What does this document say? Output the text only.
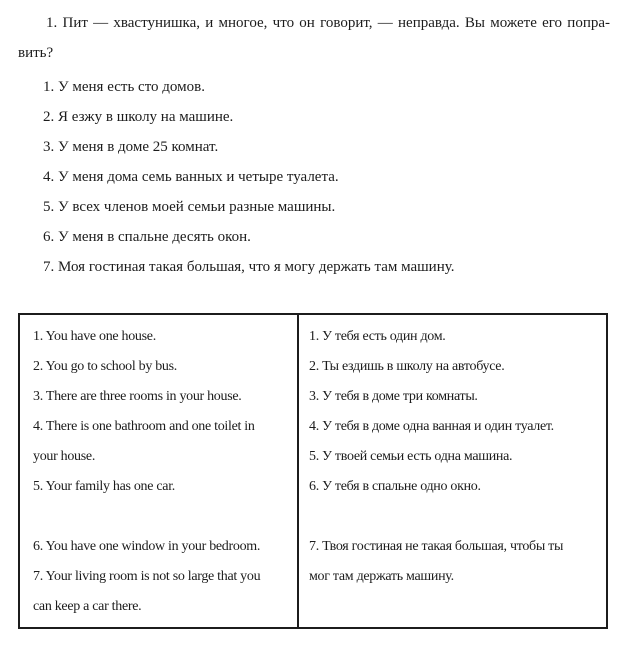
1. Пит — хвастунишка, и многое, что он говорит, — неправда. Вы можете его попра-
вить?
1. У меня есть сто домов.
2. Я езжу в школу на машине.
3. У меня в доме 25 комнат.
4. У меня дома семь ванных и четыре туалета.
5. У всех членов моей семьи разные машины.
6. У меня в спальне десять окон.
7. Моя гостиная такая большая, что я могу держать там машину.
1. You have one house.
2. You go to school by bus.
3. There are three rooms in your house.
4. There is one bathroom and one toilet in
your house.
5. Your family has one car.
6. You have one window in your bedroom.
7. Your living room is not so large that you
can keep a car there.
1. У тебя есть один дом.
2. Ты ездишь в школу на автобусе.
3. У тебя в доме три комнаты.
4. У тебя в доме одна ванная и один туалет.
5. У твоей семьи есть одна машина.
6. У тебя в спальне одно окно.
7. Твоя гостиная не такая большая, чтобы ты
мог там держать машину.
